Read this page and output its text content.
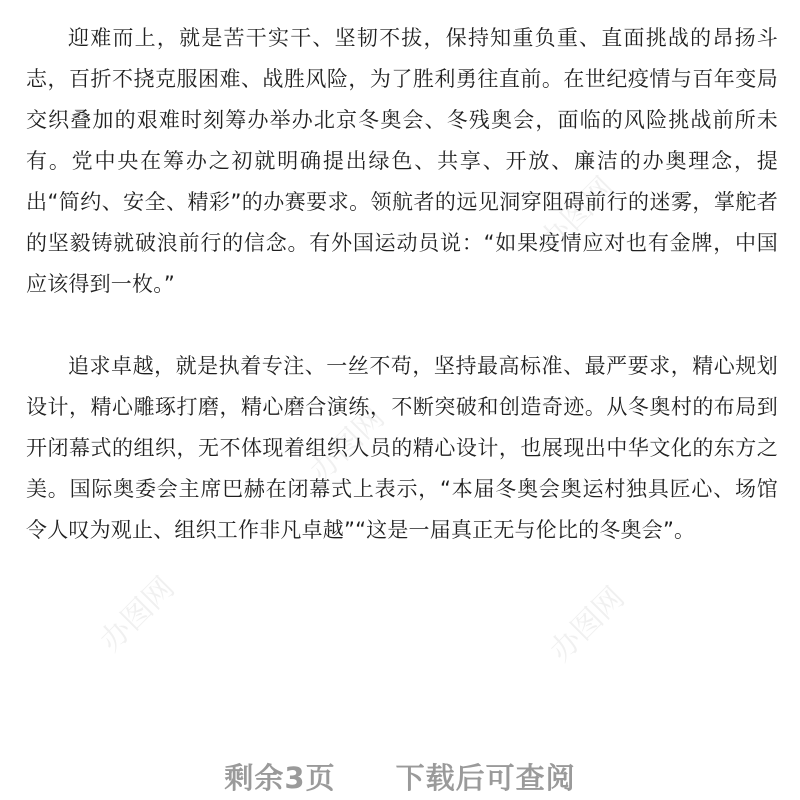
办图网
办图网
办图网
办图网

迎难而上，就是苦干实干、坚韧不拔，保持知重负重、直面挑战的昂扬斗志，百折不挠克服困难、战胜风险，为了胜利勇往直前。在世纪疫情与百年变局交织叠加的艰难时刻筹办举办北京冬奥会、冬残奥会，面临的风险挑战前所未有。党中央在筹办之初就明确提出绿色、共享、开放、廉洁的办奥理念，提出“简约、安全、精彩”的办赛要求。领航者的远见洞穿阻碍前行的迷雾，掌舵者的坚毅铸就破浪前行的信念。有外国运动员说：“如果疫情应对也有金牌，中国应该得到一枚。”

追求卓越，就是执着专注、一丝不苟，坚持最高标准、最严要求，精心规划设计，精心雕琢打磨，精心磨合演练，不断突破和创造奇迹。从冬奥村的布局到开闭幕式的组织，无不体现着组织人员的精心设计，也展现出中华文化的东方之美。国际奥委会主席巴赫在闭幕式上表示，“本届冬奥会奥运村独具匠心、场馆令人叹为观止、组织工作非凡卓越”“这是一届真正无与伦比的冬奥会”。

剩余3页 下载后可查阅
